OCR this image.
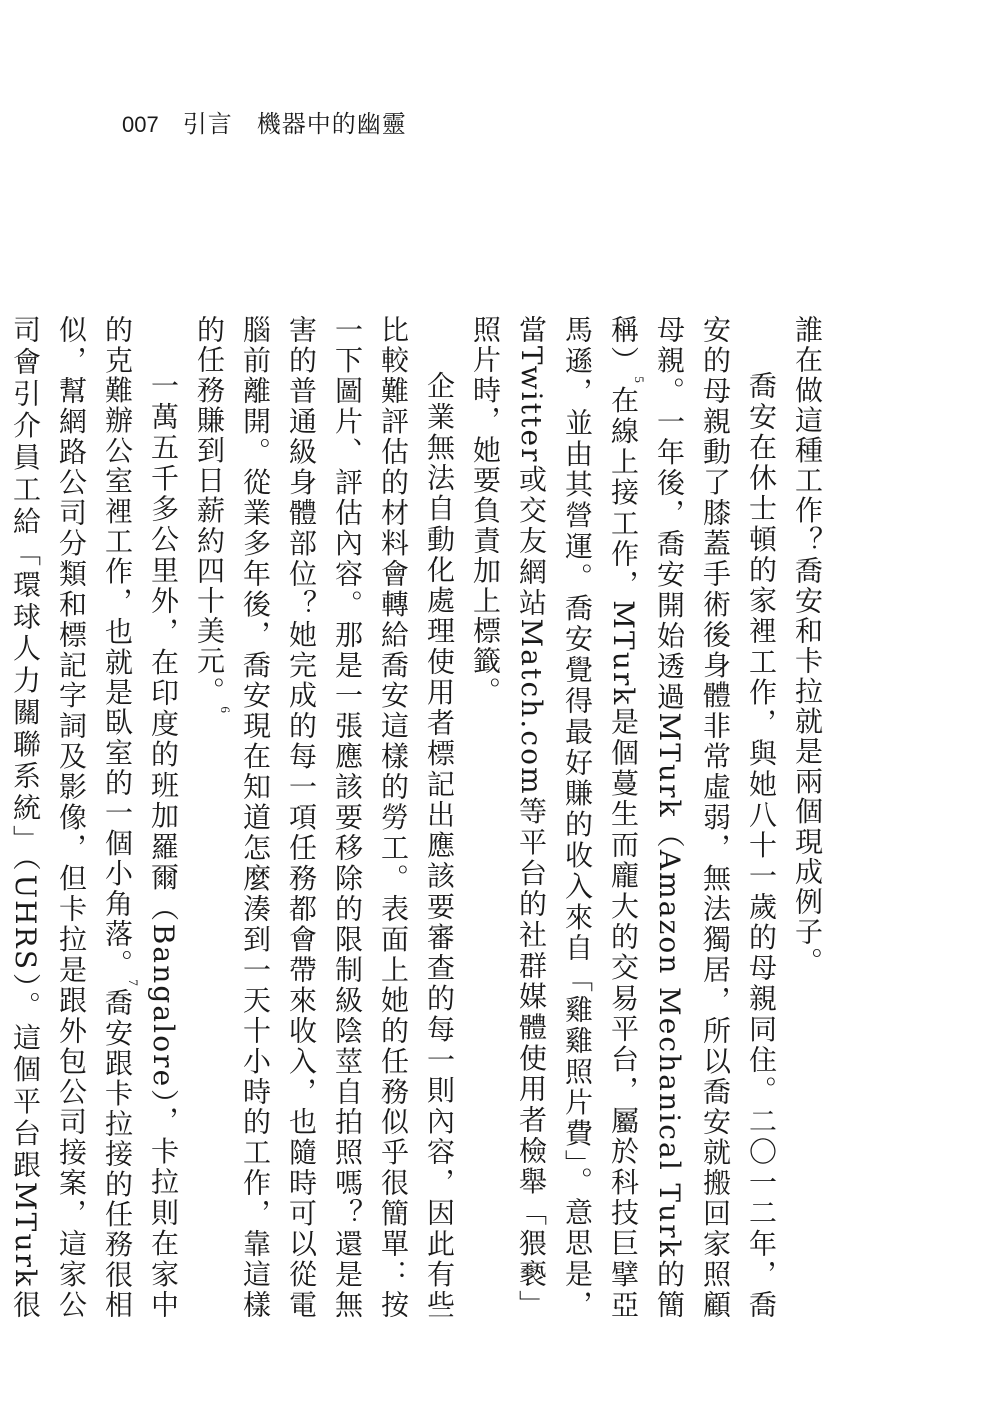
007 引言 機器中的幽靈

誰在做這種工作？喬安和卡拉就是兩個現成例子。

喬安在休士頓的家裡工作，與她八十一歲的母親同住。二〇一二年，喬安的母親動了膝蓋手術後身體非常虛弱，無法獨居，所以喬安就搬回家照顧母親。一年後，喬安開始透過MTurk（Amazon Mechanical Turk的簡稱）$^5$在線上接工作，MTurk是個蔓生而龐大的交易平台，屬於科技巨擘亞馬遜，並由其營運。喬安覺得最好賺的收入來自「雞雞照片費」。意思是，當Twitter或交友網站Match.com等平台的社群媒體使用者檢舉「猥褻」照片時，她要負責加上標籤。

企業無法自動化處理使用者標記出應該要審查的每一則內容，因此有些比較難評估的材料會轉給喬安這樣的勞工。表面上她的任務似乎很簡單：按一下圖片、評估內容。那是一張應該要移除的限制級陰莖自拍照嗎？還是無害的普通級身體部位？她完成的每一項任務都會帶來收入，也隨時可以從電腦前離開。從業多年後，喬安現在知道怎麼湊到一天十小時的工作，靠這樣的任務賺到日薪約四十美元。$^6$

一萬五千多公里外，在印度的班加羅爾（Bangalore），卡拉則在家中的克難辦公室裡工作，也就是臥室的一個小角落。$^7$喬安跟卡拉接的任務很相似，幫網路公司分類和標記字詞及影像，但卡拉是跟外包公司接案，這家公司會引介員工給「環球人力關聯系統」（UHRS）。這個平台跟MTurk很
